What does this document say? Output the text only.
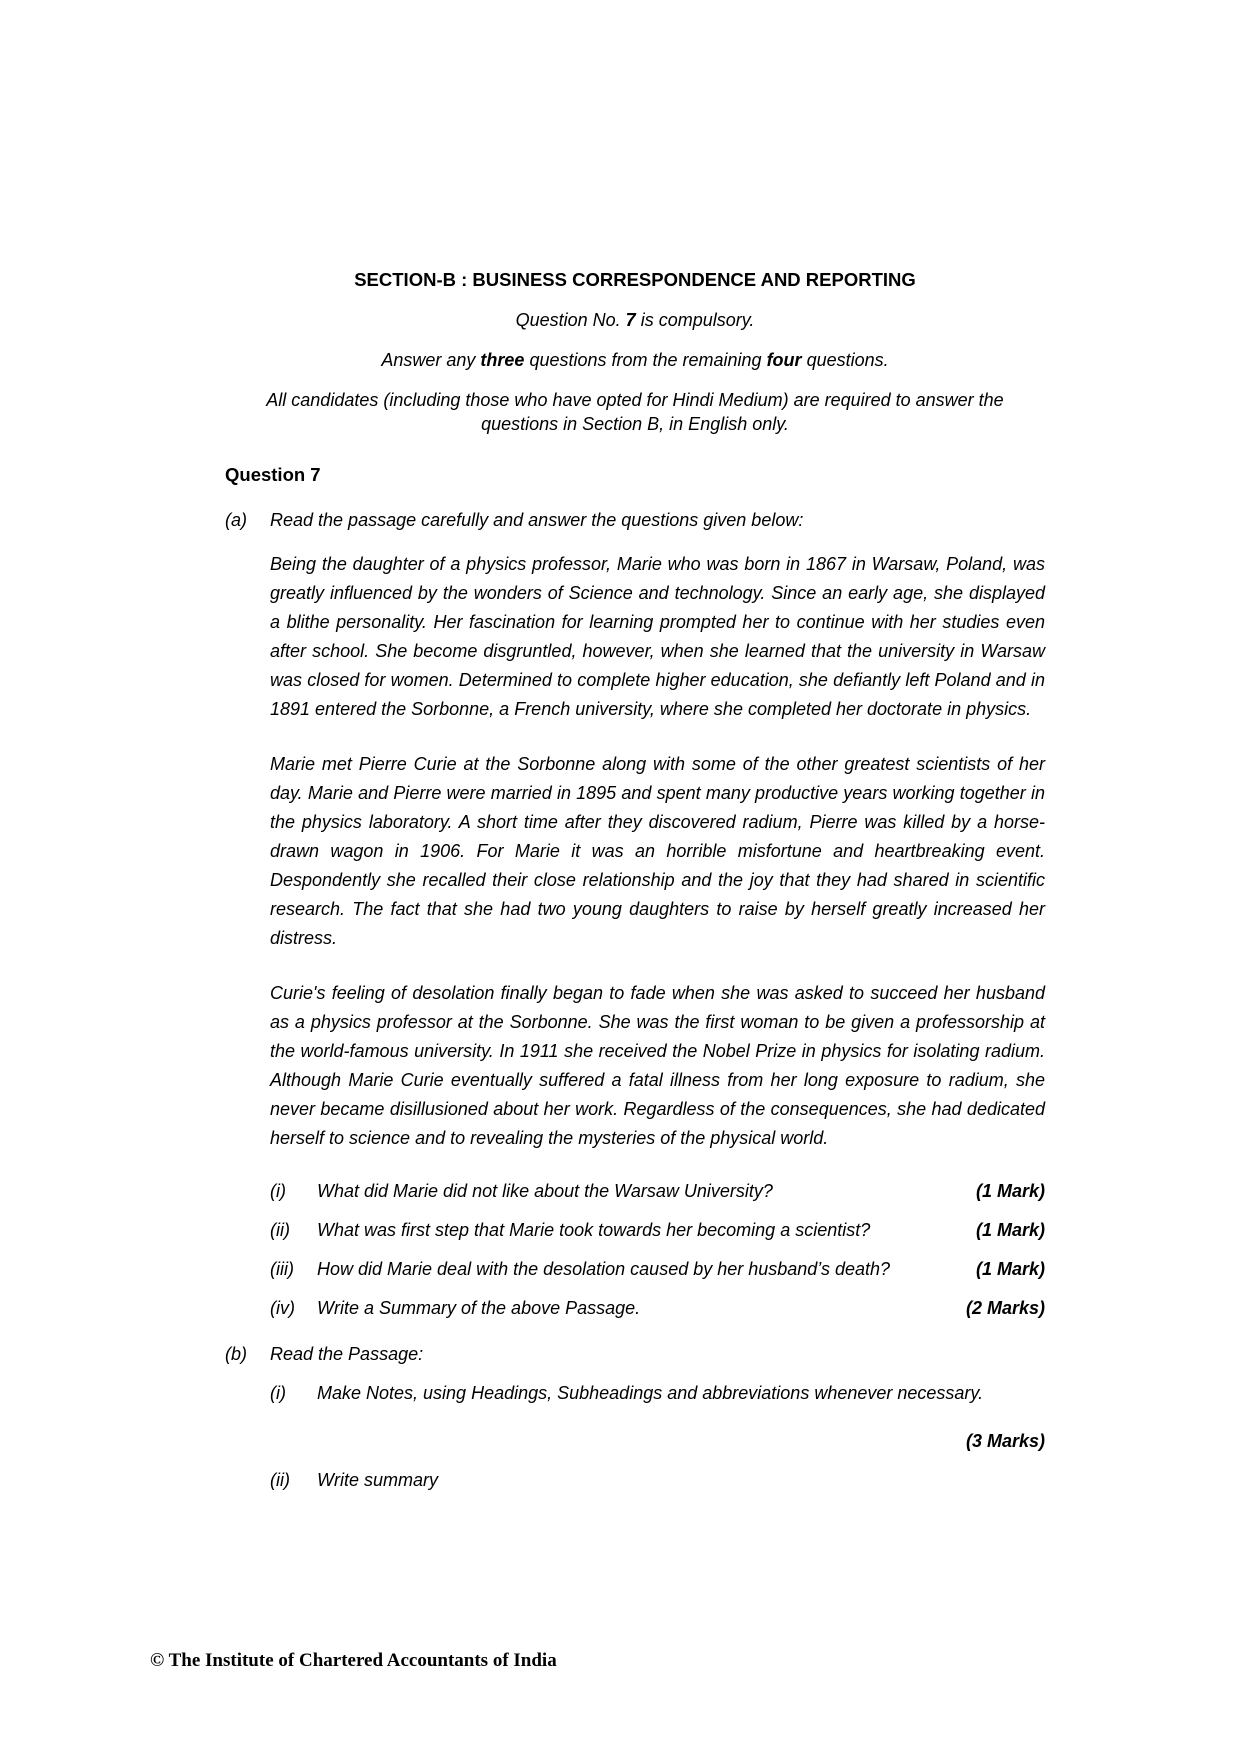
SECTION-B : BUSINESS CORRESPONDENCE AND REPORTING
Question No. 7 is compulsory.
Answer any three questions from the remaining four questions.
All candidates (including those who have opted for Hindi Medium) are required to answer the questions in Section B, in English only.
Question 7
(a)	Read the passage carefully and answer the questions given below:

Being the daughter of a physics professor, Marie who was born in 1867 in Warsaw, Poland, was greatly influenced by the wonders of Science and technology. Since an early age, she displayed a blithe personality. Her fascination for learning prompted her to continue with her studies even after school. She become disgruntled, however, when she learned that the university in Warsaw was closed for women. Determined to complete higher education, she defiantly left Poland and in 1891 entered the Sorbonne, a French university, where she completed her doctorate in physics.

Marie met Pierre Curie at the Sorbonne along with some of the other greatest scientists of her day. Marie and Pierre were married in 1895 and spent many productive years working together in the physics laboratory. A short time after they discovered radium, Pierre was killed by a horse-drawn wagon in 1906. For Marie it was an horrible misfortune and heartbreaking event. Despondently she recalled their close relationship and the joy that they had shared in scientific research. The fact that she had two young daughters to raise by herself greatly increased her distress.

Curie's feeling of desolation finally began to fade when she was asked to succeed her husband as a physics professor at the Sorbonne. She was the first woman to be given a professorship at the world-famous university. In 1911 she received the Nobel Prize in physics for isolating radium. Although Marie Curie eventually suffered a fatal illness from her long exposure to radium, she never became disillusioned about her work. Regardless of the consequences, she had dedicated herself to science and to revealing the mysteries of the physical world.

(i)	What did Marie did not like about the Warsaw University?	(1 Mark)
(ii)	What was first step that Marie took towards her becoming a scientist?	(1 Mark)
(iii)	How did Marie deal with the desolation caused by her husband’s death?	(1 Mark)
(iv)	Write a Summary of the above Passage.	(2 Marks)
(b)	Read the Passage:
(i)	Make Notes, using Headings, Subheadings and abbreviations whenever necessary.
(3 Marks)
(ii)	Write summary
© The Institute of Chartered Accountants of India
